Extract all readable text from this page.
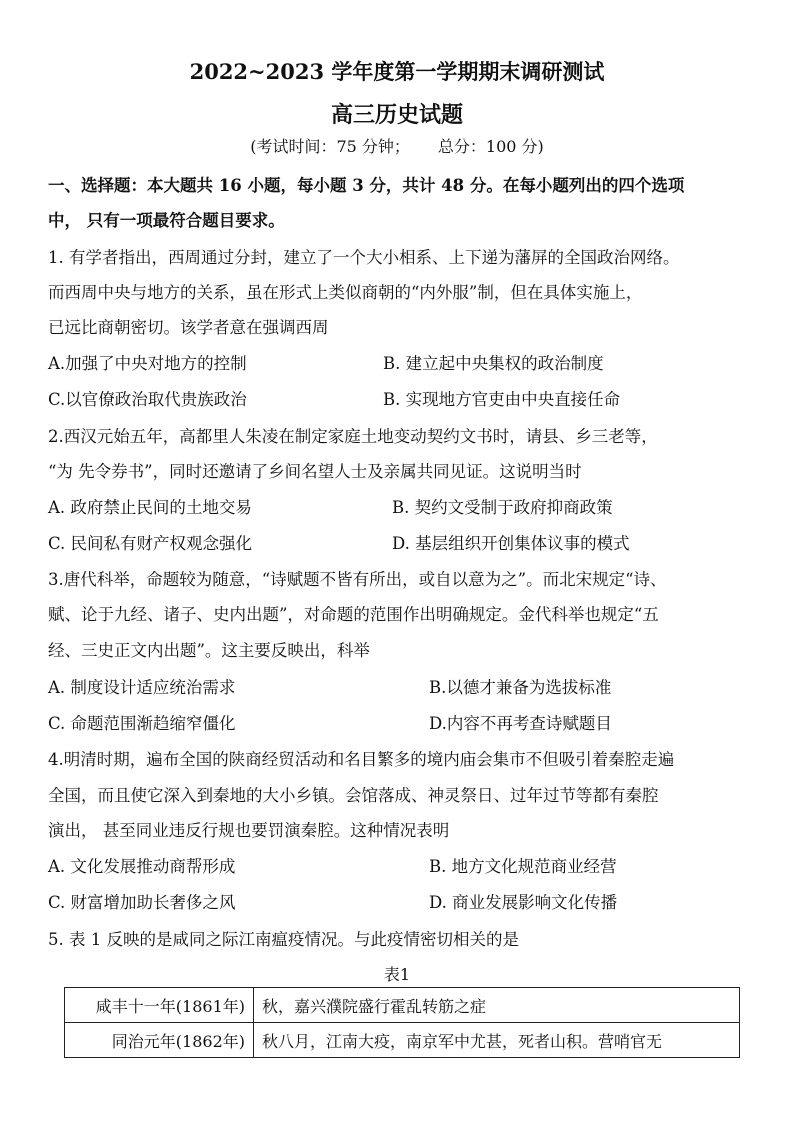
2022~2023 学年度第一学期期末调研测试
高三历史试题
(考试时间：75 分钟； 总分：100 分)
一、选择题：本大题共 16 小题，每小题 3 分，共计 48 分。在每小题列出的四个选项
中， 只有一项最符合题目要求。
1. 有学者指出，西周通过分封，建立了一个大小相系、上下递为藩屏的全国政治网络。
而西周中央与地方的关系，虽在形式上类似商朝的“内外服”制，但在具体实施上，
已远比商朝密切。该学者意在强调西周
A.加强了中央对地方的控制	B. 建立起中央集权的政治制度
C.以官僚政治取代贵族政治	B. 实现地方官吏由中央直接任命
2.西汉元始五年，高都里人朱凌在制定家庭土地变动契约文书时，请县、乡三老等，
“为 先令券书”，同时还邀请了乡间名望人士及亲属共同见证。这说明当时
A. 政府禁止民间的土地交易	B. 契约文受制于政府抑商政策
C. 民间私有财产权观念强化	D. 基层组织开创集体议事的模式
3.唐代科举，命题较为随意，“诗赋题不皆有所出，或自以意为之”。而北宋规定“诗、
赋、论于九经、诸子、史内出题”，对命题的范围作出明确规定。金代科举也规定“五
经、三史正文内出题”。这主要反映出，科举
A. 制度设计适应统治需求	B.以德才兼备为选拔标准
C. 命题范围渐趋缩窄僵化	D.内容不再考查诗赋题目
4.明清时期，遍布全国的陕商经贸活动和名目繁多的境内庙会集市不但吸引着秦腔走遍
全国，而且使它深入到秦地的大小乡镇。会馆落成、神灵祭日、过年过节等都有秦腔
演出， 甚至同业违反行规也要罚演秦腔。这种情况表明
A. 文化发展推动商帮形成	B. 地方文化规范商业经营
C. 财富增加助长奢侈之风	D. 商业发展影响文化传播
5. 表 1 反映的是咸同之际江南瘟疫情况。与此疫情密切相关的是
表1
咸丰十一年(1861年)	秋，嘉兴濮院盛行霍乱转筋之症
同治元年(1862年)	秋八月，江南大疫，南京军中尤甚，死者山积。营哨官无
